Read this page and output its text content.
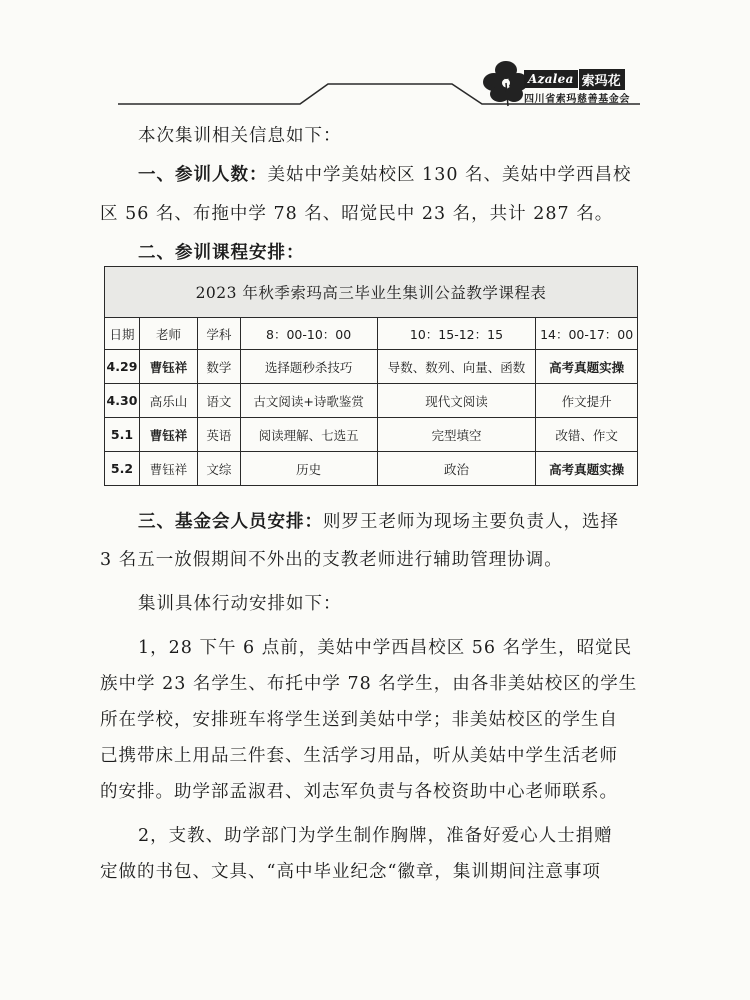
Azalea 索玛花
四川省索玛慈善基金会

本次集训相关信息如下：

一、参训人数：美姑中学美姑校区 130 名、美姑中学西昌校

区 56 名、布拖中学 78 名、昭觉民中 23 名，共计 287 名。

二、参训课程安排：

2023 年秋季索玛高三毕业生集训公益教学课程表					
日期	老师	学科	8：00-10：00	10：15-12：15	14：00-17：00
4.29	曹钰祥	数学	选择题秒杀技巧	导数、数列、向量、函数	高考真题实操
4.30	高乐山	语文	古文阅读+诗歌鉴赏	现代文阅读	作文提升
5.1	曹钰祥	英语	阅读理解、七选五	完型填空	改错、作文
5.2	曹钰祥	文综	历史	政治	高考真题实操

三、基金会人员安排：则罗王老师为现场主要负责人，选择

3 名五一放假期间不外出的支教老师进行辅助管理协调。

集训具体行动安排如下：

1，28 下午 6 点前，美姑中学西昌校区 56 名学生，昭觉民

族中学 23 名学生、布托中学 78 名学生，由各非美姑校区的学生

所在学校，安排班车将学生送到美姑中学；非美姑校区的学生自

己携带床上用品三件套、生活学习用品，听从美姑中学生活老师

的安排。助学部孟淑君、刘志军负责与各校资助中心老师联系。

2，支教、助学部门为学生制作胸牌，准备好爱心人士捐赠

定做的书包、文具、“高中毕业纪念“徽章，集训期间注意事项
